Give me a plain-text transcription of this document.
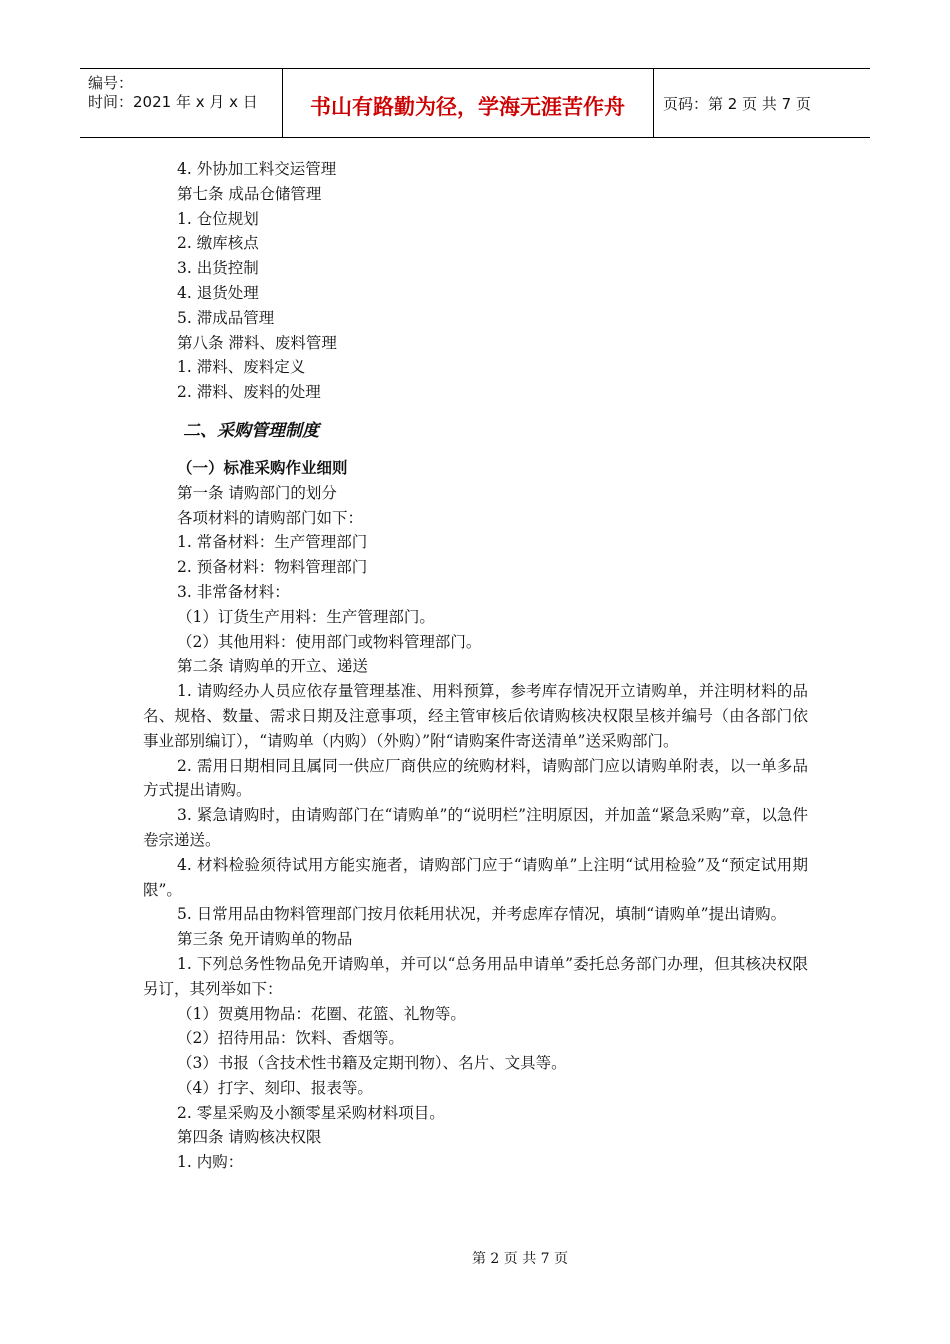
编号：
时间：2021 年 x 月 x 日	书山有路勤为径，学海无涯苦作舟	页码：第 2 页 共 7 页
4. 外协加工料交运管理
第七条 成品仓储管理
1. 仓位规划
2. 缴库核点
3. 出货控制
4. 退货处理
5. 滞成品管理
第八条 滞料、废料管理
1. 滞料、废料定义
2. 滞料、废料的处理
二、采购管理制度
（一）标准采购作业细则
第一条 请购部门的划分
各项材料的请购部门如下：
1. 常备材料：生产管理部门
2. 预备材料：物料管理部门
3. 非常备材料：
（1）订货生产用料：生产管理部门。
（2）其他用料：使用部门或物料管理部门。
第二条 请购单的开立、递送
1. 请购经办人员应依存量管理基准、用料预算，参考库存情况开立请购单，并注明材料的品名、规格、数量、需求日期及注意事项，经主管审核后依请购核决权限呈核并编号（由各部门依事业部别编订），“请购单（内购）（外购）”附“请购案件寄送清单”送采购部门。
2. 需用日期相同且属同一供应厂商供应的统购材料，请购部门应以请购单附表，以一单多品方式提出请购。
3. 紧急请购时，由请购部门在“请购单”的“说明栏”注明原因，并加盖“紧急采购”章，以急件卷宗递送。
4. 材料检验须待试用方能实施者，请购部门应于“请购单”上注明“试用检验”及“预定试用期限”。
5. 日常用品由物料管理部门按月依耗用状况，并考虑库存情况，填制“请购单”提出请购。
第三条 免开请购单的物品
1. 下列总务性物品免开请购单，并可以“总务用品申请单”委托总务部门办理，但其核决权限另订，其列举如下：
（1）贺奠用物品：花圈、花篮、礼物等。
（2）招待用品：饮料、香烟等。
（3）书报（含技术性书籍及定期刊物）、名片、文具等。
（4）打字、刻印、报表等。
2. 零星采购及小额零星采购材料项目。
第四条 请购核决权限
1. 内购：
第 2 页 共 7 页
